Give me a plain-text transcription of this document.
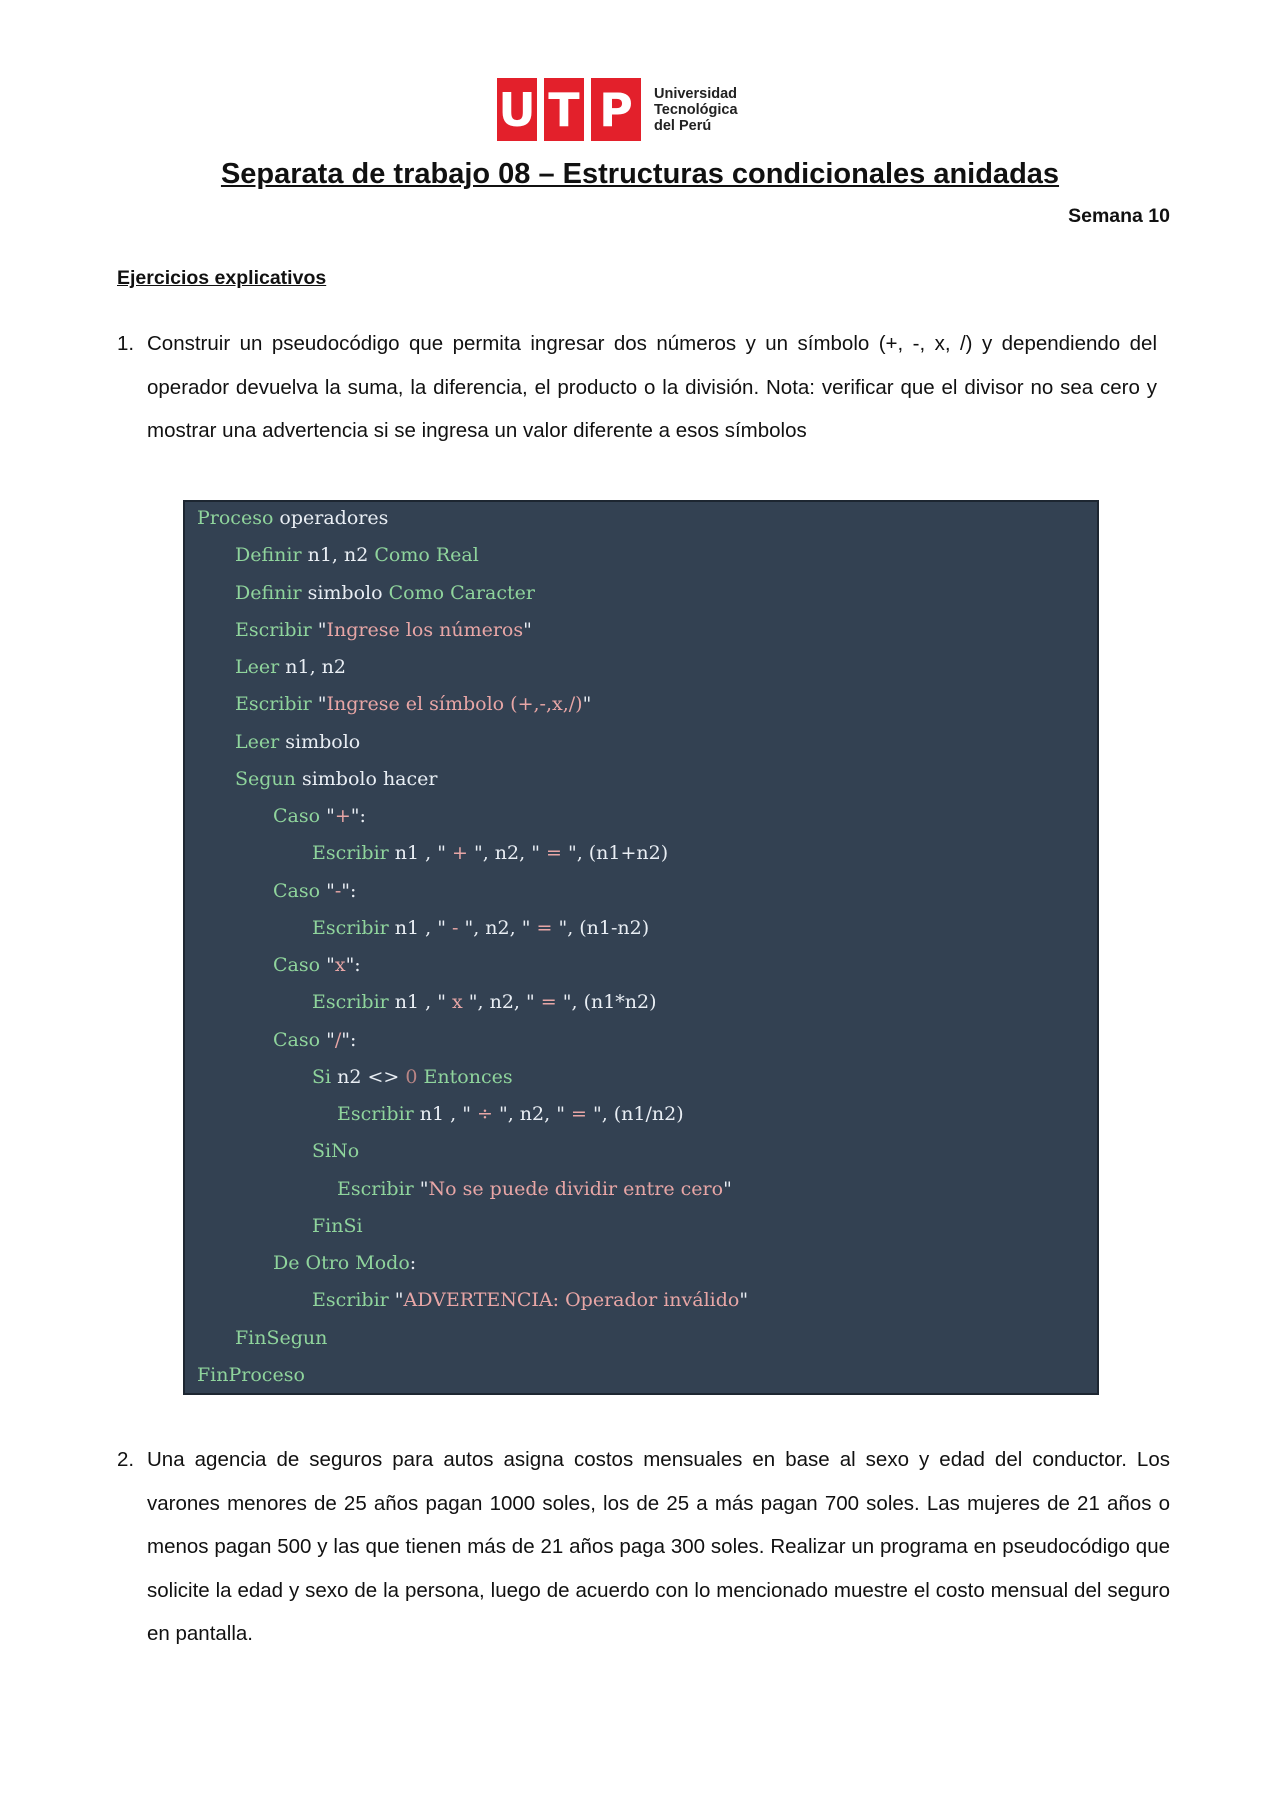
U T P	Universidad
Tecnológica
del Perú
Separata de trabajo 08 – Estructuras condicionales anidadas
Semana 10
Ejercicios explicativos
1. Construir un pseudocódigo que permita ingresar dos números y un símbolo (+, -, x, /) y dependiendo del operador devuelva la suma, la diferencia, el producto o la división. Nota: verificar que el divisor no sea cero y mostrar una advertencia si se ingresa un valor diferente a esos símbolos
Proceso operadores
Definir n1, n2 Como Real
Definir simbolo Como Caracter
Escribir "Ingrese los números"
Leer n1, n2
Escribir "Ingrese el símbolo (+,-,x,/)"
Leer simbolo
Segun simbolo hacer
Caso "+":
Escribir n1 , " + ", n2, " = ", (n1+n2)
Caso "-":
Escribir n1 , " - ", n2, " = ", (n1-n2)
Caso "x":
Escribir n1 , " x ", n2, " = ", (n1*n2)
Caso "/":
Si n2 <> 0 Entonces
Escribir n1 , " ÷ ", n2, " = ", (n1/n2)
SiNo
Escribir "No se puede dividir entre cero"
FinSi
De Otro Modo:
Escribir "ADVERTENCIA: Operador inválido"
FinSegun
FinProceso
2. Una agencia de seguros para autos asigna costos mensuales en base al sexo y edad del conductor. Los varones menores de 25 años pagan 1000 soles, los de 25 a más pagan 700 soles. Las mujeres de 21 años o menos pagan 500 y las que tienen más de 21 años paga 300 soles. Realizar un programa en pseudocódigo que solicite la edad y sexo de la persona, luego de acuerdo con lo mencionado muestre el costo mensual del seguro en pantalla.
